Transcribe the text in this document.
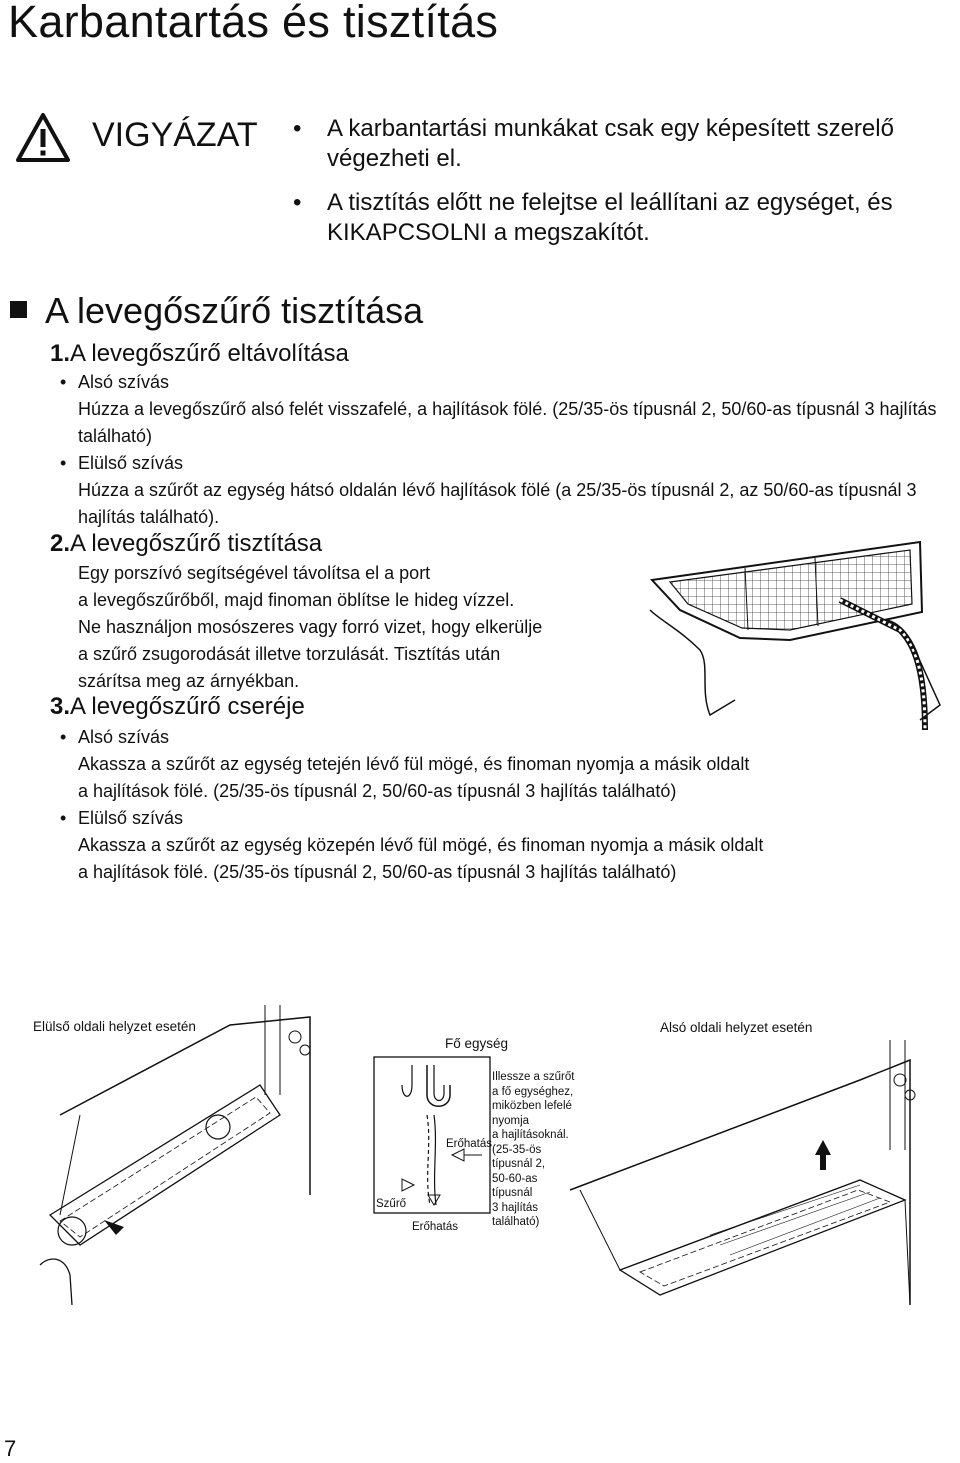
Karbantartás és tisztítás
VIGYÁZAT • A karbantartási munkákat csak egy képesített szerelő végezheti el.
• A tisztítás előtt ne felejtse el leállítani az egységet, és KIKAPCSOLNI a megszakítót.
A levegőszűrő tisztítása
1.A levegőszűrő eltávolítása
• Alsó szívás
Húzza a levegőszűrő alsó felét visszafelé, a hajlítások fölé. (25/35-ös típusnál 2, 50/60-as típusnál 3 hajlítás található)
• Elülső szívás
Húzza a szűrőt az egység hátsó oldalán lévő hajlítások fölé (a 25/35-ös típusnál 2, az 50/60-as típusnál 3 hajlítás található).
2.A levegőszűrő tisztítása
Egy porszívó segítségével távolítsa el a port
a levegőszűrőből, majd finoman öblítse le hideg vízzel.
Ne használjon mosószeres vagy forró vizet, hogy elkerülje
a szűrő zsugorodását illetve torzulását. Tisztítás után
szárítsa meg az árnyékban.
3.A levegőszűrő cseréje
• Alsó szívás
Akassza a szűrőt az egység tetején lévő fül mögé, és finoman nyomja a másik oldalt
a hajlítások fölé. (25/35-ös típusnál 2, 50/60-as típusnál 3 hajlítás található)
• Elülső szívás
Akassza a szűrőt az egység közepén lévő fül mögé, és finoman nyomja a másik oldalt
a hajlítások fölé. (25/35-ös típusnál 2, 50/60-as típusnál 3 hajlítás található)
Elülső oldali helyzet esetén
Fő egység
Erőhatás
Szűrő
Erőhatás
Illesszе a szűrőt
a fő egységhez,
miközben lefelé
nyomja
a hajlításoknál.
(25-35-ös
típusnál 2,
50-60-as
típusnál
3 hajlítás
található)
Alsó oldali helyzet esetén
7
